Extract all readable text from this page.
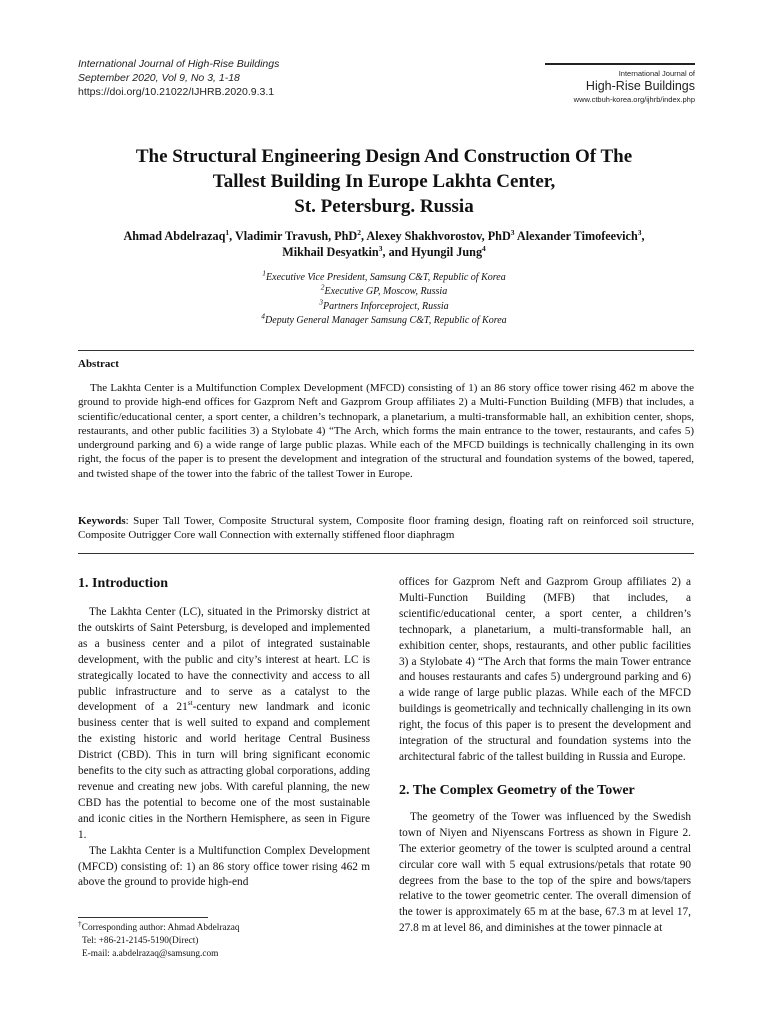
International Journal of High-Rise Buildings
September 2020, Vol 9, No 3, 1-18
https://doi.org/10.21022/IJHRB.2020.9.3.1
International Journal of
High-Rise Buildings
www.ctbuh-korea.org/ijhrb/index.php
The Structural Engineering Design And Construction Of The
Tallest Building In Europe Lakhta Center,
St. Petersburg. Russia
Ahmad Abdelrazaq$^1$, Vladimir Travush, PhD$^2$, Alexey Shakhvorostov, PhD$^3$ Alexander Timofeevich$^3$,
Mikhail Desyatkin$^3$, and Hyungil Jung$^4$
$^1$Executive Vice President, Samsung C&T, Republic of Korea
$^2$Executive GP, Moscow, Russia
$^3$Partners Inforceproject, Russia
$^4$Deputy General Manager Samsung C&T, Republic of Korea
Abstract

The Lakhta Center is a Multifunction Complex Development (MFCD) consisting of 1) an 86 story office tower rising 462 m above the ground to provide high-end offices for Gazprom Neft and Gazprom Group affiliates 2) a Multi-Function Building (MFB) that includes, a scientific/educational center, a sport center, a children’s technopark, a planetarium, a multi-transformable hall, an exhibition center, shops, restaurants, and other public facilities 3) a Stylobate 4) “The Arch, which forms the main entrance to the tower, restaurants, and cafes 5) underground parking and 6) a wide range of large public plazas. While each of the MFCD buildings is technically challenging in its own right, the focus of the paper is to present the development and integration of the structural and foundation systems of the bowed, tapered, and twisted shape of the tower into the fabric of the tallest Tower in Europe.

Keywords: Super Tall Tower, Composite Structural system, Composite floor framing design, floating raft on reinforced soil structure, Composite Outrigger Core wall Connection with externally stiffened floor diaphragm

1. Introduction

The Lakhta Center (LC), situated in the Primorsky district at the outskirts of Saint Petersburg, is developed and implemented as a business center and a pilot of integrated sustainable development, with the public and city’s interest at heart. LC is strategically located to have the connectivity and access to all public infrastructure and to serve as a catalyst to the development of a 21st-century new landmark and iconic business center that is well suited to expand and complement the existing historic and world heritage Central Business District (CBD). This in turn will bring significant economic benefits to the city such as attracting global corporations, adding revenue and creating new jobs. With careful planning, the new CBD has the potential to become one of the most sustainable and iconic cities in the Northern Hemisphere, as seen in Figure 1.

The Lakhta Center is a Multifunction Complex Development (MFCD) consisting of: 1) an 86 story office tower rising 462 m above the ground to provide high-end

offices for Gazprom Neft and Gazprom Group affiliates 2) a Multi-Function Building (MFB) that includes, a scientific/educational center, a sport center, a children’s technopark, a planetarium, a multi-transformable hall, an exhibition center, shops, restaurants, and other public facilities 3) a Stylobate 4) “The Arch that forms the main Tower entrance and houses restaurants and cafes 5) underground parking and 6) a wide range of large public plazas. While each of the MFCD buildings is geometrically and technically challenging in its own right, the focus of this paper is to present the development and integration of the structural and foundation systems into the architectural fabric of the tallest building in Russia and Europe.

2. The Complex Geometry of the Tower

The geometry of the Tower was influenced by the Swedish town of Niyen and Niyenscans Fortress as shown in Figure 2. The exterior geometry of the tower is sculpted around a central circular core wall with 5 equal extrusions/petals that rotate 90 degrees from the base to the top of the spire and bows/tapers relative to the tower geometric center. The overall dimension of the tower is approximately 65 m at the base, 67.3 m at level 17, 27.8 m at level 86, and diminishes at the tower pinnacle at

†Corresponding author: Ahmad Abdelrazaq
Tel: +86-21-2145-5190(Direct)
E-mail: a.abdelrazaq@samsung.com
